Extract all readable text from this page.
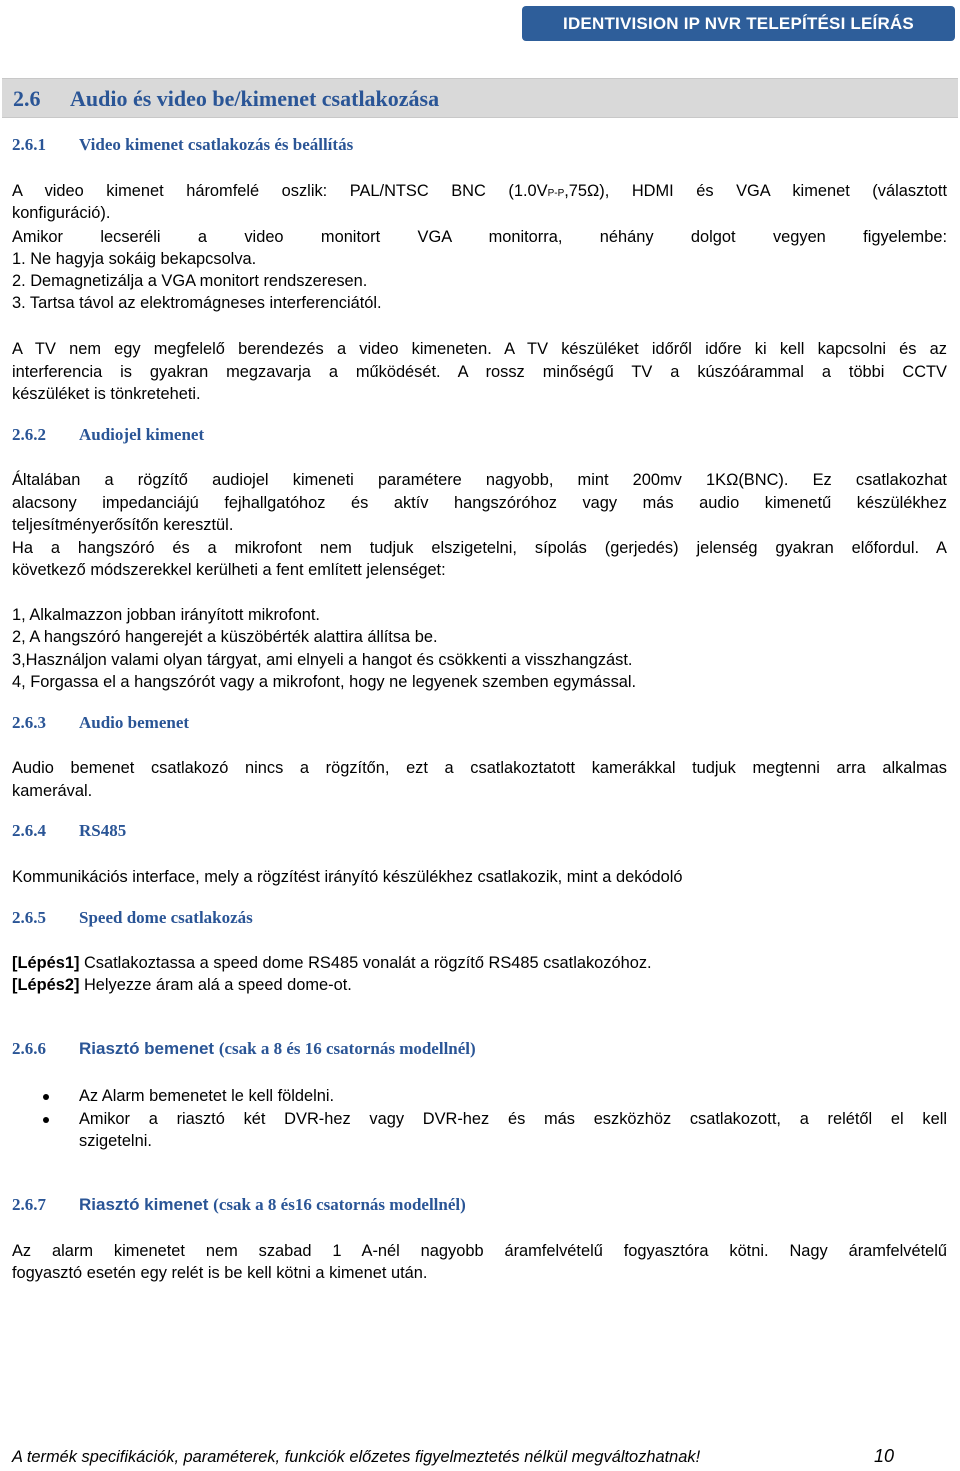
IDENTIVISION IP NVR TELEPÍTÉSI LEÍRÁS
2.6 Audio és video be/kimenet csatlakozása
2.6.1 Video kimenet csatlakozás és beállítás

A video kimenet háromfelé oszlik: PAL/NTSC BNC (1.0VP-P,75Ω), HDMI és VGA kimenet (választott

konfiguráció).

Amikor lecseréli a video monitort VGA monitorra, néhány dolgot vegyen figyelembe:

1. Ne hagyja sokáig bekapcsolva.

2. Demagnetizálja a VGA monitort rendszeresen.

3. Tartsa távol az elektromágneses interferenciától.

A TV nem egy megfelelő berendezés a video kimeneten. A TV készüléket időről időre ki kell kapcsolni és az

interferencia is gyakran megzavarja a működését. A rossz minőségű TV a kúszóárammal a többi CCTV

készüléket is tönkreteheti.

2.6.2 Audiojel kimenet

Általában a rögzítő audiojel kimeneti paramétere nagyobb, mint 200mv 1KΩ(BNC). Ez csatlakozhat

alacsony impedanciájú fejhallgatóhoz és aktív hangszóróhoz vagy más audio kimenetű készülékhez

teljesítményerősítőn keresztül.

Ha a hangszóró és a mikrofont nem tudjuk elszigetelni, sípolás (gerjedés) jelenség gyakran előfordul. A

következő módszerekkel kerülheti a fent említett jelenséget:

1, Alkalmazzon jobban irányított mikrofont.

2, A hangszóró hangerejét a küszöbérték alattira állítsa be.

3,Használjon valami olyan tárgyat, ami elnyeli a hangot és csökkenti a visszhangzást.

4, Forgassa el a hangszórót vagy a mikrofont, hogy ne legyenek szemben egymással.

2.6.3 Audio bemenet

Audio bemenet csatlakozó nincs a rögzítőn, ezt a csatlakoztatott kamerákkal tudjuk megtenni arra alkalmas

kamerával.

2.6.4 RS485

Kommunikációs interface, mely a rögzítést irányító készülékhez csatlakozik, mint a dekódoló

2.6.5 Speed dome csatlakozás

[Lépés1] Csatlakoztassa a speed dome RS485 vonalát a rögzítő RS485 csatlakozóhoz.

[Lépés2] Helyezze áram alá a speed dome-ot.

2.6.6 Riasztó bemenet (csak a 8 és 16 csatornás modellnél)
Az Alarm bemenetet le kell földelni.
Amikor a riasztó két DVR-hez vagy DVR-hez és más eszközhöz csatlakozott, a relétől el kell
szigetelni.
2.6.7 Riasztó kimenet (csak a 8 és16 csatornás modellnél)

Az alarm kimenetet nem szabad 1 A-nél nagyobb áramfelvételű fogyasztóra kötni. Nagy áramfelvételű

fogyasztó esetén egy relét is be kell kötni a kimenet után.

A termék specifikációk, paraméterek, funkciók előzetes figyelmeztetés nélkül megváltozhatnak!	10
